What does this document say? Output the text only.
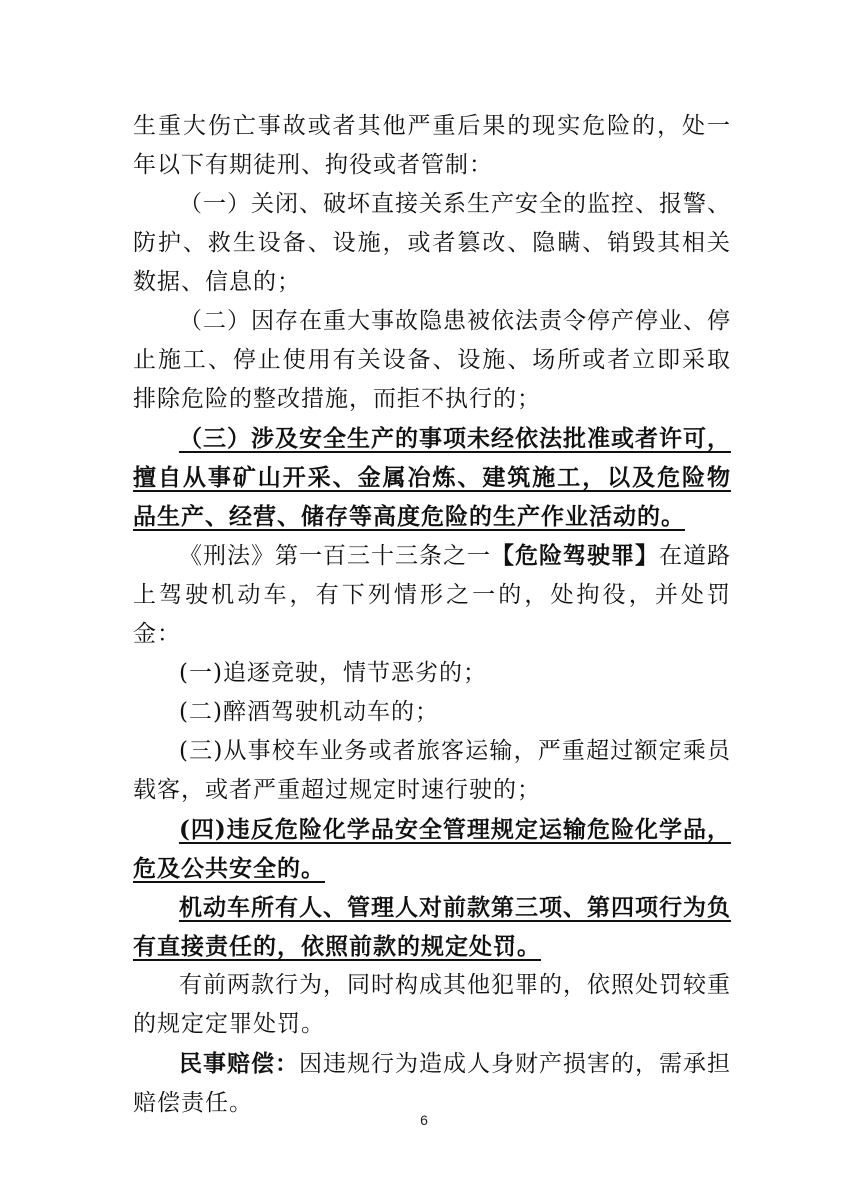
生重大伤亡事故或者其他严重后果的现实危险的，处一年以下有期徒刑、拘役或者管制：

（一）关闭、破坏直接关系生产安全的监控、报警、防护、救生设备、设施，或者篡改、隐瞒、销毁其相关数据、信息的；

（二）因存在重大事故隐患被依法责令停产停业、停止施工、停止使用有关设备、设施、场所或者立即采取排除危险的整改措施，而拒不执行的；

（三）涉及安全生产的事项未经依法批准或者许可，擅自从事矿山开采、金属冶炼、建筑施工，以及危险物品生产、经营、储存等高度危险的生产作业活动的。

《刑法》第一百三十三条之一【危险驾驶罪】在道路上驾驶机动车，有下列情形之一的，处拘役，并处罚金：

(一)追逐竞驶，情节恶劣的；

(二)醉酒驾驶机动车的；

(三)从事校车业务或者旅客运输，严重超过额定乘员载客，或者严重超过规定时速行驶的；

(四)违反危险化学品安全管理规定运输危险化学品，危及公共安全的。

机动车所有人、管理人对前款第三项、第四项行为负有直接责任的，依照前款的规定处罚。

有前两款行为，同时构成其他犯罪的，依照处罚较重的规定定罪处罚。

民事赔偿：因违规行为造成人身财产损害的，需承担赔偿责任。

6
